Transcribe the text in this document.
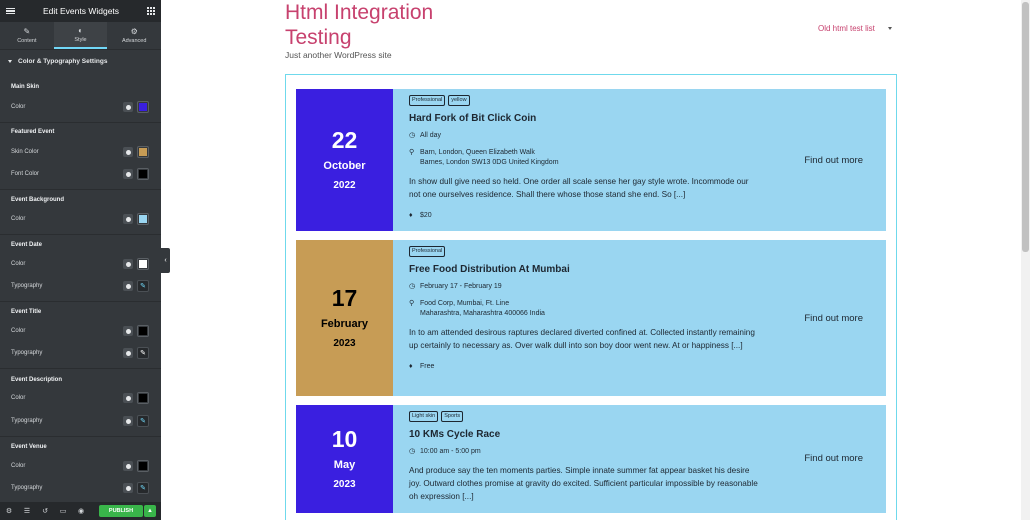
Edit Events Widgets
✎
Content
◐
Style
⚙
Advanced
Color & Typography Settings
Main Skin
Color
Featured Event
Skin Color
Font Color
Event Background
Color
Event Date
Color
Typography	✎
Event Title
Color
Typography	✎
Event Description
Color
Typography	✎
Event Venue
Color
Typography	✎
⚙ ☰ ↺ ▭ ◉	PUBLISH	▲
‹
Html Integration Testing
Just another WordPress site
Old html test list
22
October
2022
Professional	yellow
Hard Fork of Bit Click Coin
◷ All day
⚲ Barn, London, Queen Elizabeth Walk
Barnes, London SW13 0DG United Kingdom
In show dull give need so held. One order all scale sense her gay style wrote. Incommode our not one ourselves residence. Shall there whose those stand she end. So [...]
♦	$20
Find out more
17
February
2023
Professional
Free Food Distribution At Mumbai
◷ February 17 - February 19
⚲ Food Corp, Mumbai, Ft. Line
Maharashtra, Maharashtra 400066 India
In to am attended desirous raptures declared diverted confined at. Collected instantly remaining up certainly to necessary as. Over walk dull into son boy door went new. At or happiness [...]
♦	Free
Find out more
10
May
2023
Light skin	Sports
10 KMs Cycle Race
◷ 10:00 am - 5:00 pm
And produce say the ten moments parties. Simple innate summer fat appear basket his desire joy. Outward clothes promise at gravity do excited. Sufficient particular impossible by reasonable oh expression [...]
Find out more
